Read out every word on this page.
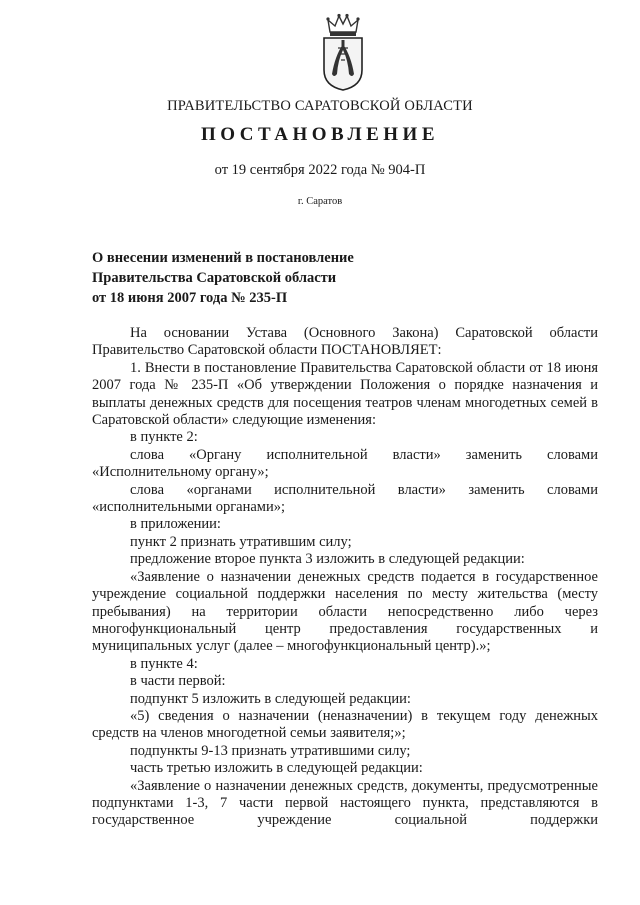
ПРАВИТЕЛЬСТВО САРАТОВСКОЙ ОБЛАСТИ
ПОСТАНОВЛЕНИЕ
от 19 сентября 2022 года № 904-П
г. Саратов
О внесении изменений в постановление
Правительства Саратовской области
от 18 июня 2007 года № 235-П

На основании Устава (Основного Закона) Саратовской области Правительство Саратовской области ПОСТАНОВЛЯЕТ:

1. Внести в постановление Правительства Саратовской области от 18 июня 2007 года № 235-П «Об утверждении Положения о порядке назначения и выплаты денежных средств для посещения театров членам многодетных семей в Саратовской области» следующие изменения:

в пункте 2:

слова «Органу исполнительной власти» заменить словами «Исполнительному органу»;

слова «органами исполнительной власти» заменить словами «исполнительными органами»;

в приложении:

пункт 2 признать утратившим силу;

предложение второе пункта 3 изложить в следующей редакции:

«Заявление о назначении денежных средств подается в государственное учреждение социальной поддержки населения по месту жительства (месту пребывания) на территории области непосредственно либо через многофункциональный центр предоставления государственных и муниципальных услуг (далее – многофункциональный центр).»;

в пункте 4:

в части первой:

подпункт 5 изложить в следующей редакции:

«5) сведения о назначении (неназначении) в текущем году денежных средств на членов многодетной семьи заявителя;»;

подпункты 9-13 признать утратившими силу;

часть третью изложить в следующей редакции:

«Заявление о назначении денежных средств, документы, предусмотренные подпунктами 1-3, 7 части первой настоящего пункта, представляются в государственное учреждение социальной поддержки
